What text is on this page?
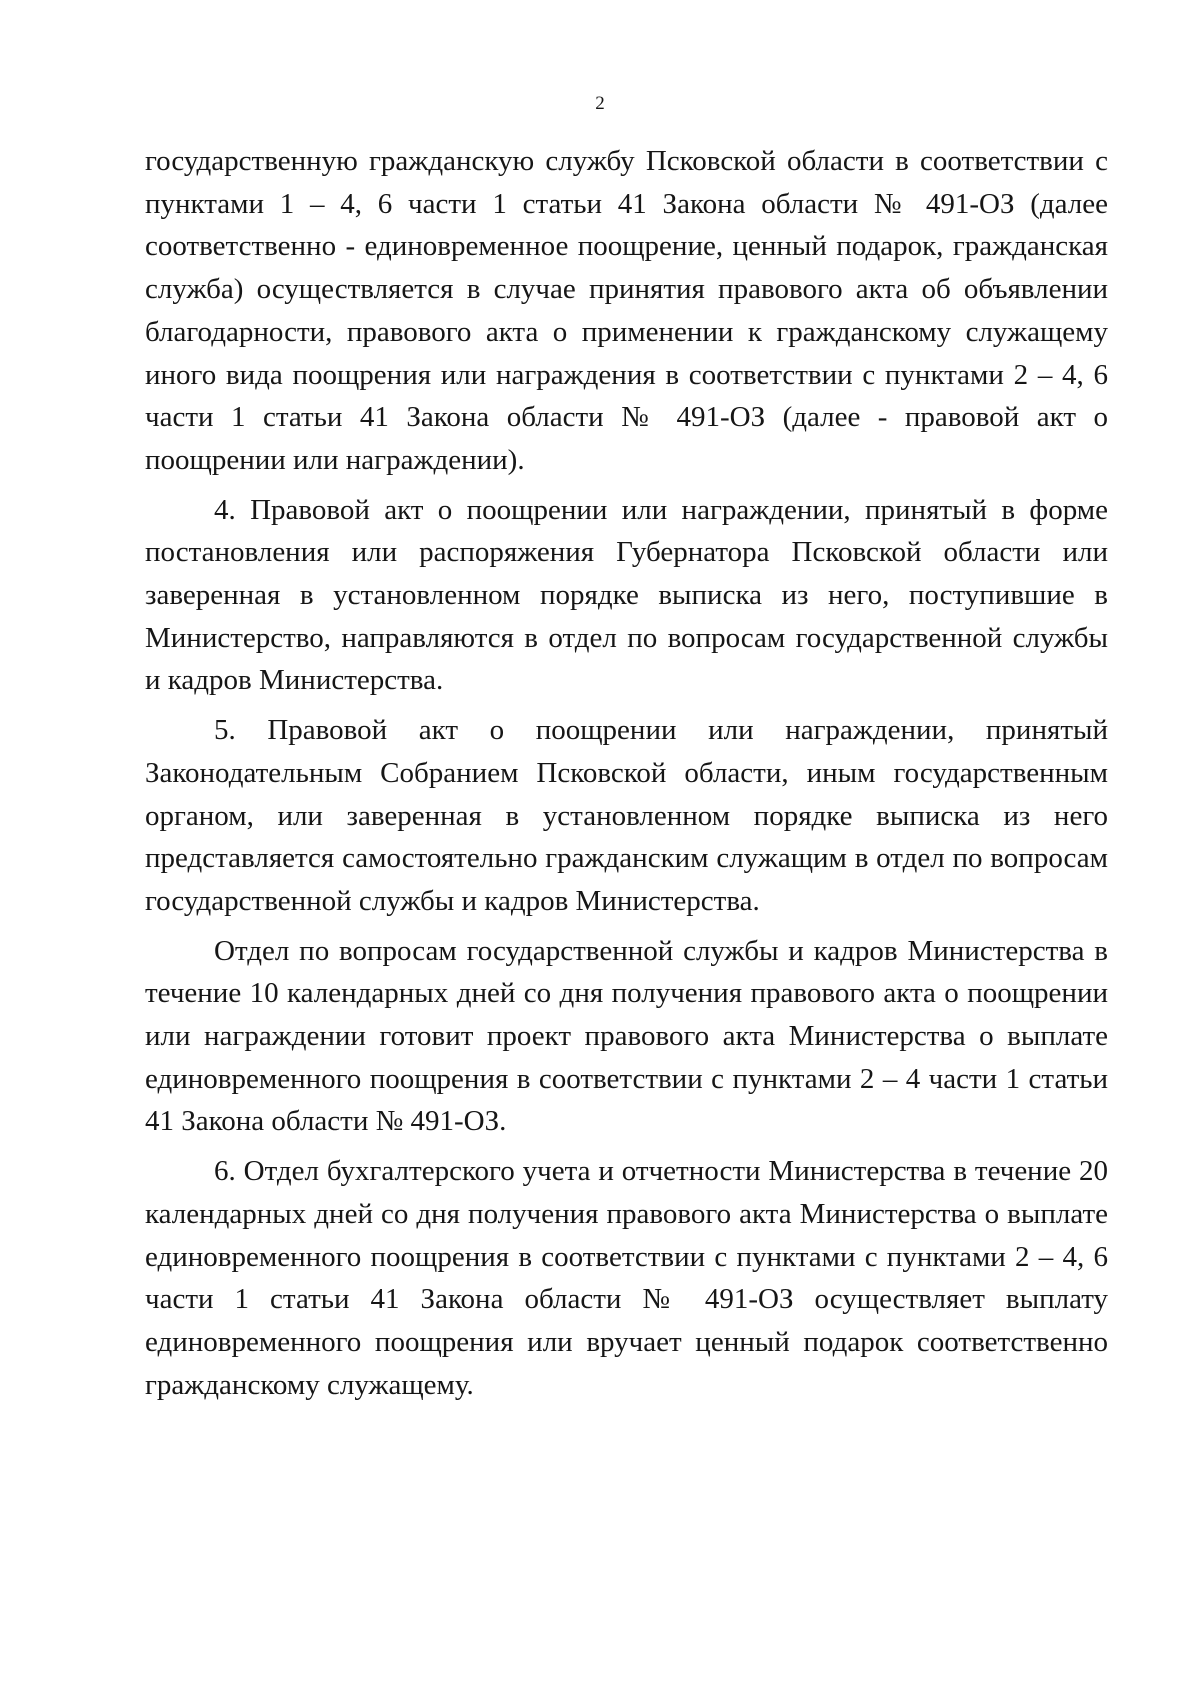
2

государственную гражданскую службу Псковской области в соответствии с пунктами 1 – 4, 6 части 1 статьи 41 Закона области № 491-ОЗ (далее соответственно - единовременное поощрение, ценный подарок, гражданская служба) осуществляется в случае принятия правового акта об объявлении благодарности, правового акта о применении к гражданскому служащему иного вида поощрения или награждения в соответствии с пунктами 2 – 4, 6 части 1 статьи 41 Закона области № 491-ОЗ (далее - правовой акт о поощрении или награждении).

4. Правовой акт о поощрении или награждении, принятый в форме постановления или распоряжения Губернатора Псковской области или заверенная в установленном порядке выписка из него, поступившие в Министерство, направляются в отдел по вопросам государственной службы и кадров Министерства.

5. Правовой акт о поощрении или награждении, принятый Законодательным Собранием Псковской области, иным государственным органом, или заверенная в установленном порядке выписка из него представляется самостоятельно гражданским служащим в отдел по вопросам государственной службы и кадров Министерства.

Отдел по вопросам государственной службы и кадров Министерства в течение 10 календарных дней со дня получения правового акта о поощрении или награждении готовит проект правового акта Министерства о выплате единовременного поощрения в соответствии с пунктами 2 – 4 части 1 статьи 41 Закона области № 491-ОЗ.

6. Отдел бухгалтерского учета и отчетности Министерства в течение 20 календарных дней со дня получения правового акта Министерства о выплате единовременного поощрения в соответствии с пунктами с пунктами 2 – 4, 6 части 1 статьи 41 Закона области № 491-ОЗ осуществляет выплату единовременного поощрения или вручает ценный подарок соответственно гражданскому служащему.
